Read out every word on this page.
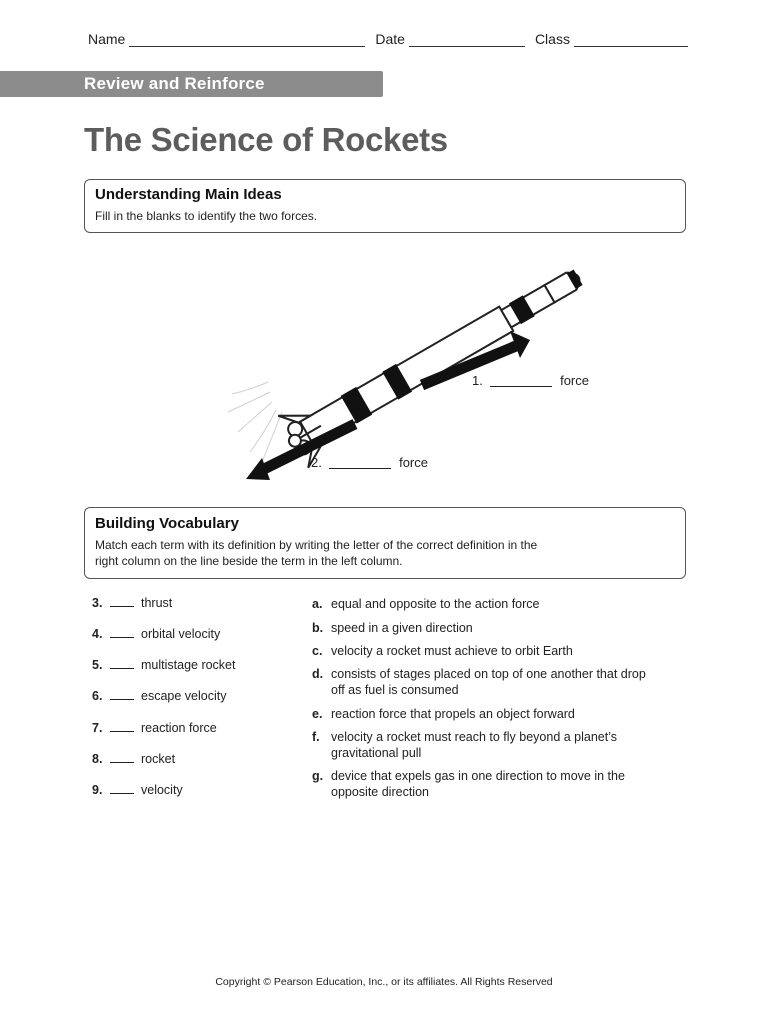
Name	Date	Class
Review and Reinforce
The Science of Rockets
Understanding Main Ideas
Fill in the blanks to identify the two forces.
1.	force
2.	force
Building Vocabulary
Match each term with its definition by writing the letter of the correct definition in the
right column on the line beside the term in the left column.
3.	thrust
4.	orbital velocity
5.	multistage rocket
6.	escape velocity
7.	reaction force
8.	rocket
9.	velocity
a. equal and opposite to the action force
b. speed in a given direction
c. velocity a rocket must achieve to orbit Earth
d. consists of stages placed on top of one another that drop off as fuel is consumed
e. reaction force that propels an object forward
f. velocity a rocket must reach to fly beyond a planet’s gravitational pull
g. device that expels gas in one direction to move in the opposite direction
Copyright © Pearson Education, Inc., or its affiliates. All Rights Reserved
